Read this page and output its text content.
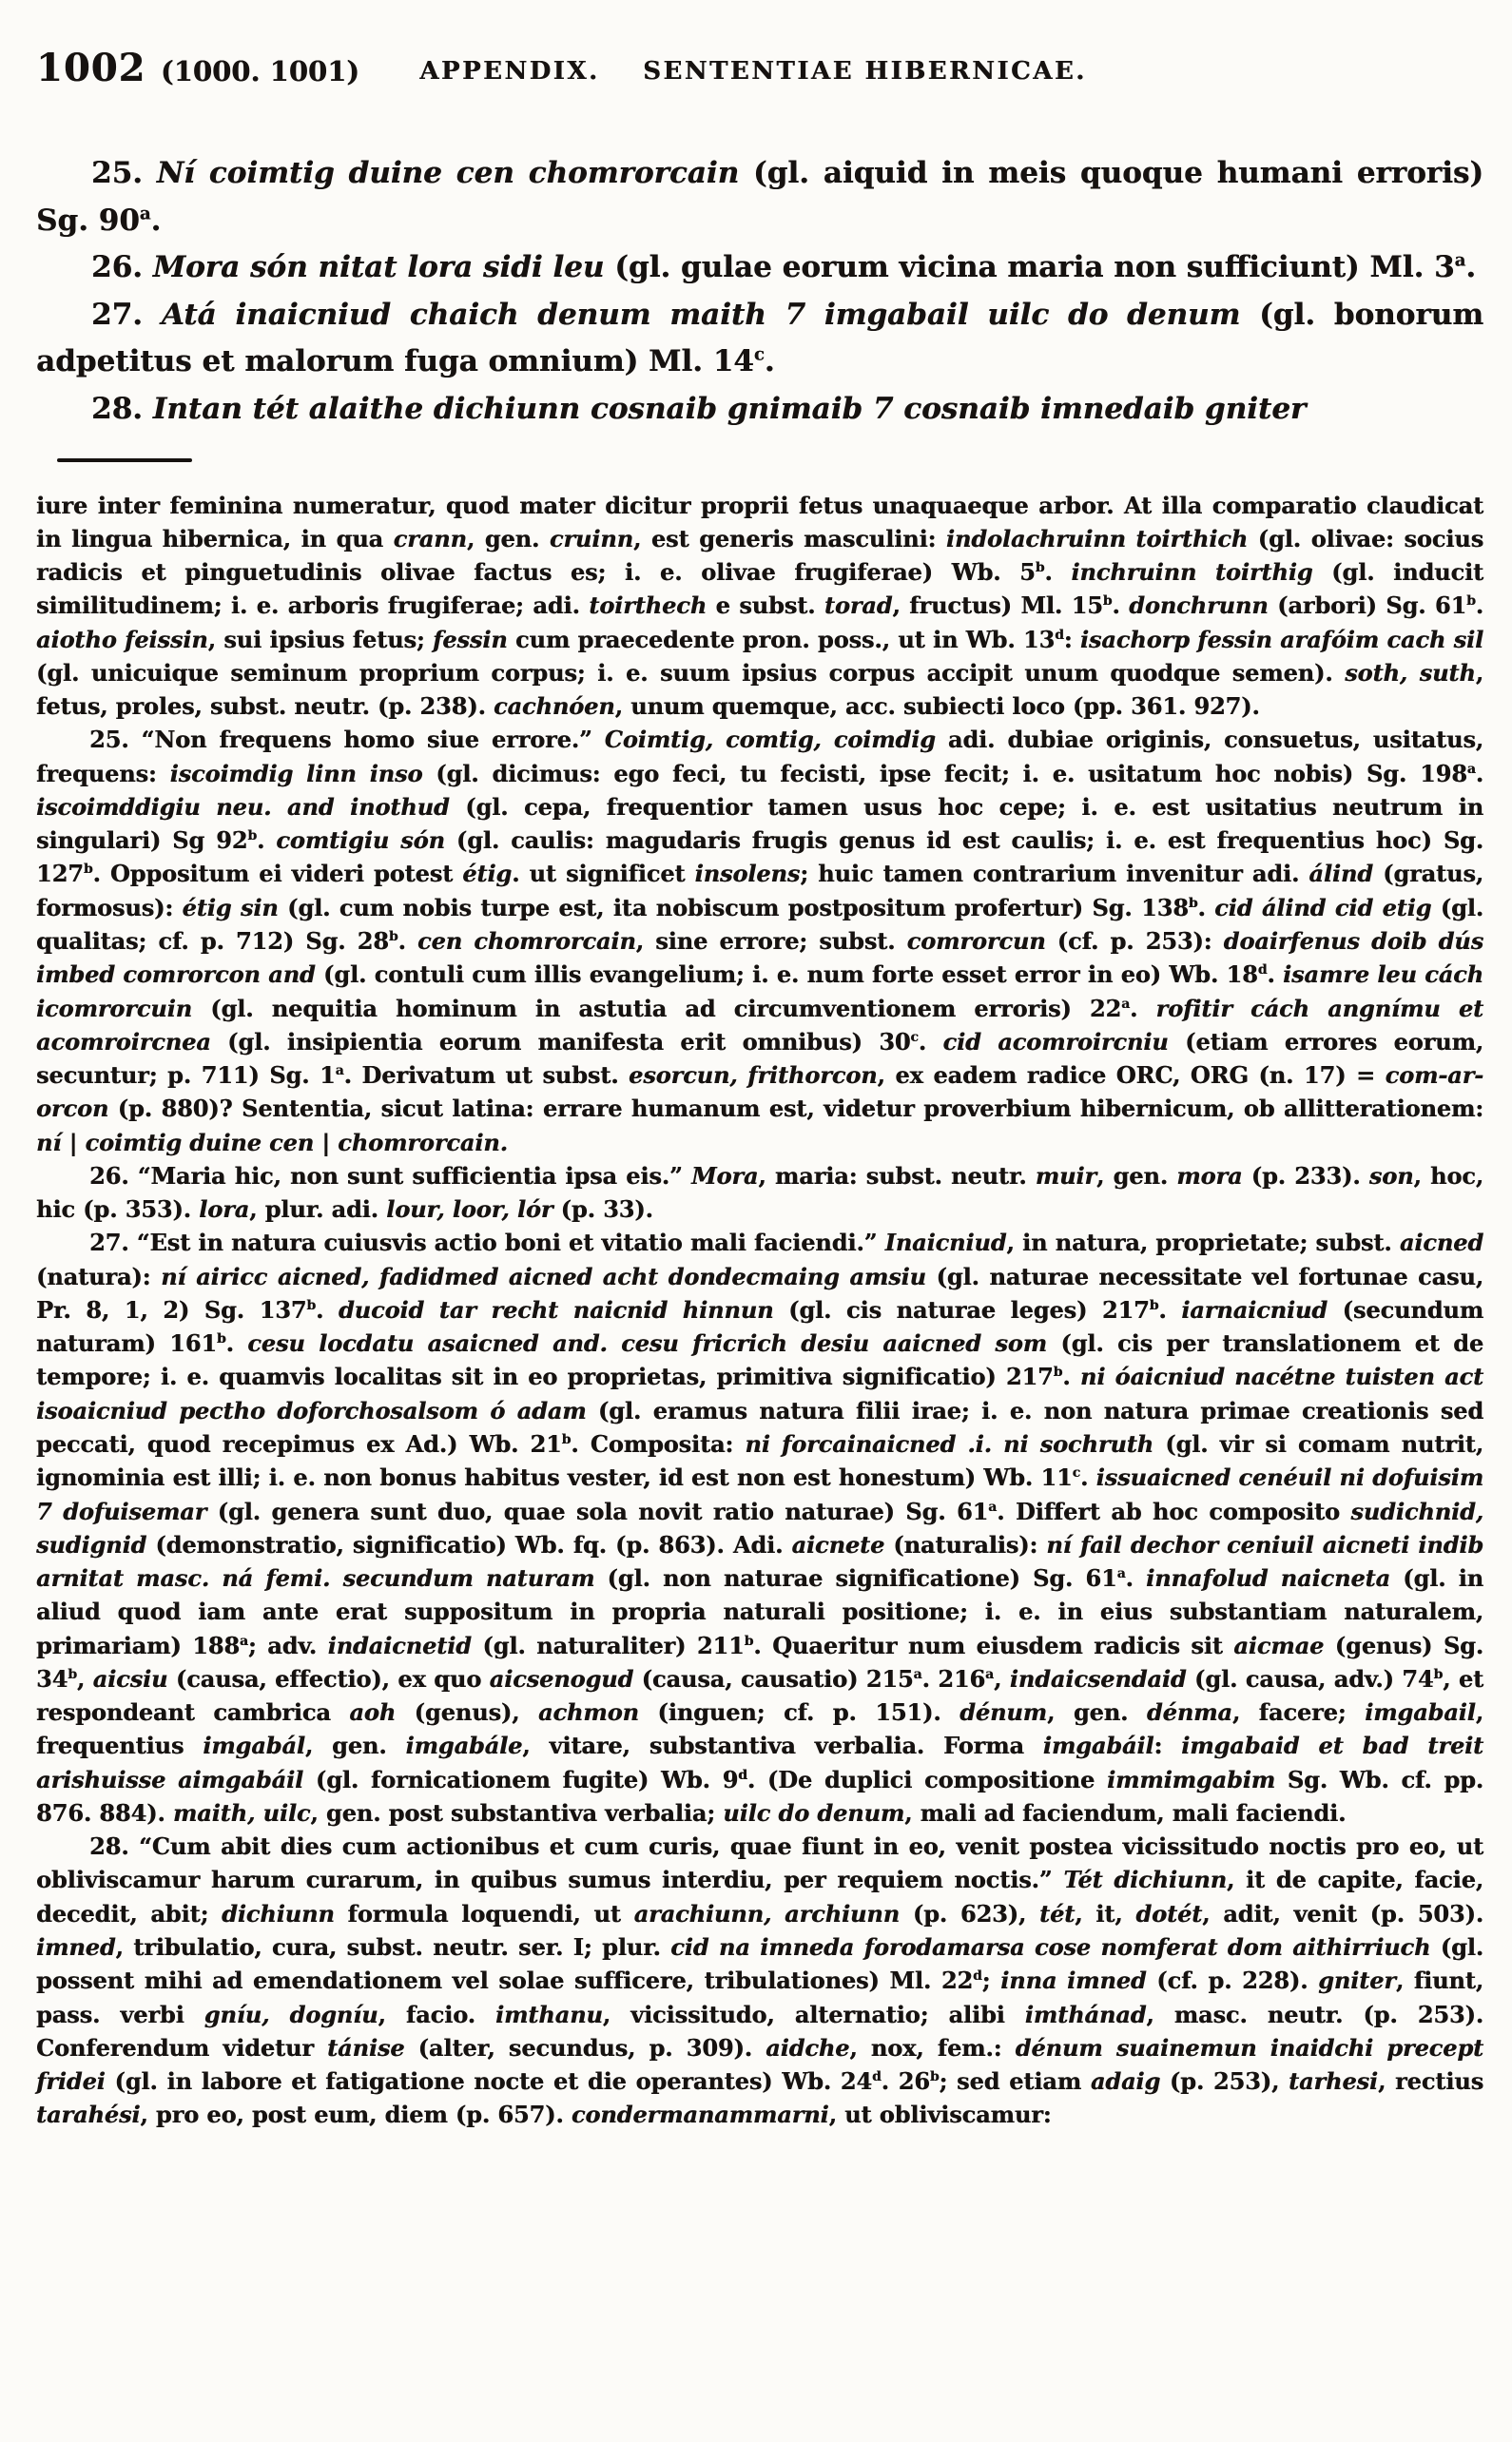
1002 (1000. 1001) APPENDIX. SENTENTIAE HIBERNICAE.

25. Ní coimtig duine cen chomrorcain (gl. aiquid in meis quoque humani erroris) Sg. 90$^a$.

26. Mora són nitat lora sidi leu (gl. gulae eorum vicina maria non sufficiunt) Ml. 3$^a$.

27. Atá inaicniud chaich denum maith 7 imgabail uilc do denum (gl. bonorum adpetitus et malorum fuga omnium) Ml. 14$^c$.

28. Intan tét alaithe dichiunn cosnaib gnimaib 7 cosnaib imnedaib gniter

iure inter feminina numeratur, quod mater dicitur proprii fetus unaquaeque arbor. At illa comparatio claudicat in lingua hibernica, in qua crann, gen. cruinn, est generis masculini: indolachruinn toirthich (gl. olivae: socius radicis et pinguetudinis olivae factus es; i. e. olivae frugiferae) Wb. 5$^b$. inchruinn toirthig (gl. inducit similitudinem; i. e. arboris frugiferae; adi. toirthech e subst. torad, fructus) Ml. 15$^b$. donchrunn (arbori) Sg. 61$^b$. aiotho feissin, sui ipsius fetus; fessin cum praecedente pron. poss., ut in Wb. 13$^d$: isachorp fessin arafóim cach sil (gl. unicuique seminum proprium corpus; i. e. suum ipsius corpus accipit unum quodque semen). soth, suth, fetus, proles, subst. neutr. (p. 238). cachnóen, unum quemque, acc. subiecti loco (pp. 361. 927).

25. “Non frequens homo siue errore.” Coimtig, comtig, coimdig adi. dubiae originis, consuetus, usitatus, frequens: iscoimdig linn inso (gl. dicimus: ego feci, tu fecisti, ipse fecit; i. e. usitatum hoc nobis) Sg. 198$^a$. iscoimddigiu neu. and inothud (gl. cepa, frequentior tamen usus hoc cepe; i. e. est usitatius neutrum in singulari) Sg 92$^b$. comtigiu són (gl. caulis: magudaris frugis genus id est caulis; i. e. est frequentius hoc) Sg. 127$^b$. Oppositum ei videri potest étig. ut significet insolens; huic tamen contrarium invenitur adi. álind (gratus, formosus): étig sin (gl. cum nobis turpe est, ita nobiscum postpositum profertur) Sg. 138$^b$. cid álind cid etig (gl. qualitas; cf. p. 712) Sg. 28$^b$. cen chomrorcain, sine errore; subst. comrorcun (cf. p. 253): doairfenus doib dús imbed comrorcon and (gl. contuli cum illis evangelium; i. e. num forte esset error in eo) Wb. 18$^d$. isamre leu cách icomrorcuin (gl. nequitia hominum in astutia ad circumventionem erroris) 22$^a$. rofitir cách angnímu et acomroircnea (gl. insipientia eorum manifesta erit omnibus) 30$^c$. cid acomroircniu (etiam errores eorum, secuntur; p. 711) Sg. 1$^a$. Derivatum ut subst. esorcun, frithorcon, ex eadem radice ORC, ORG (n. 17) = com-ar-orcon (p. 880)? Sententia, sicut latina: errare humanum est, videtur proverbium hibernicum, ob allitterationem: ní | coimtig duine cen | chomrorcain.

26. “Maria hic, non sunt sufficientia ipsa eis.” Mora, maria: subst. neutr. muir, gen. mora (p. 233). son, hoc, hic (p. 353). lora, plur. adi. lour, loor, lór (p. 33).

27. “Est in natura cuiusvis actio boni et vitatio mali faciendi.” Inaicniud, in natura, proprietate; subst. aicned (natura): ní airicc aicned, fadidmed aicned acht dondecmaing amsiu (gl. naturae necessitate vel fortunae casu, Pr. 8, 1, 2) Sg. 137$^b$. ducoid tar recht naicnid hinnun (gl. cis naturae leges) 217$^b$. iarnaicniud (secundum naturam) 161$^b$. cesu locdatu asaicned and. cesu fricrich desiu aaicned som (gl. cis per translationem et de tempore; i. e. quamvis localitas sit in eo proprietas, primitiva significatio) 217$^b$. ni óaicniud nacétne tuisten act isoaicniud pectho doforchosalsom ó adam (gl. eramus natura filii irae; i. e. non natura primae creationis sed peccati, quod recepimus ex Ad.) Wb. 21$^b$. Composita: ni forcainaicned .i. ni sochruth (gl. vir si comam nutrit, ignominia est illi; i. e. non bonus habitus vester, id est non est honestum) Wb. 11$^c$. issuaicned cenéuil ni dofuisim 7 dofuisemar (gl. genera sunt duo, quae sola novit ratio naturae) Sg. 61$^a$. Differt ab hoc composito sudichnid, sudignid (demonstratio, significatio) Wb. fq. (p. 863). Adi. aicnete (naturalis): ní fail dechor ceniuil aicneti indib arnitat masc. ná femi. secundum naturam (gl. non naturae significatione) Sg. 61$^a$. innafolud naicneta (gl. in aliud quod iam ante erat suppositum in propria naturali positione; i. e. in eius substantiam naturalem, primariam) 188$^a$; adv. indaicnetid (gl. naturaliter) 211$^b$. Quaeritur num eiusdem radicis sit aicmae (genus) Sg. 34$^b$, aicsiu (causa, effectio), ex quo aicsenogud (causa, causatio) 215$^a$. 216$^a$, indaicsendaid (gl. causa, adv.) 74$^b$, et respondeant cambrica aoh (genus), achmon (inguen; cf. p. 151). dénum, gen. dénma, facere; imgabail, frequentius imgabál, gen. imgabále, vitare, substantiva verbalia. Forma imgabáil: imgabaid et bad treit arishuisse aimgabáil (gl. fornicationem fugite) Wb. 9$^d$. (De duplici compositione immimgabim Sg. Wb. cf. pp. 876. 884). maith, uilc, gen. post substantiva verbalia; uilc do denum, mali ad faciendum, mali faciendi.

28. “Cum abit dies cum actionibus et cum curis, quae fiunt in eo, venit postea vicissitudo noctis pro eo, ut obliviscamur harum curarum, in quibus sumus interdiu, per requiem noctis.” Tét dichiunn, it de capite, facie, decedit, abit; dichiunn formula loquendi, ut arachiunn, archiunn (p. 623), tét, it, dotét, adit, venit (p. 503). imned, tribulatio, cura, subst. neutr. ser. I; plur. cid na imneda forodamarsa cose nomferat dom aithirriuch (gl. possent mihi ad emendationem vel solae sufficere, tribulationes) Ml. 22$^d$; inna imned (cf. p. 228). gniter, fiunt, pass. verbi gníu, dogníu, facio. imthanu, vicissitudo, alternatio; alibi imthánad, masc. neutr. (p. 253). Conferendum videtur tánise (alter, secundus, p. 309). aidche, nox, fem.: dénum suainemun inaidchi precept fridei (gl. in labore et fatigatione nocte et die operantes) Wb. 24$^d$. 26$^b$; sed etiam adaig (p. 253), tarhesi, rectius tarahési, pro eo, post eum, diem (p. 657). condermanammarni, ut obliviscamur:
